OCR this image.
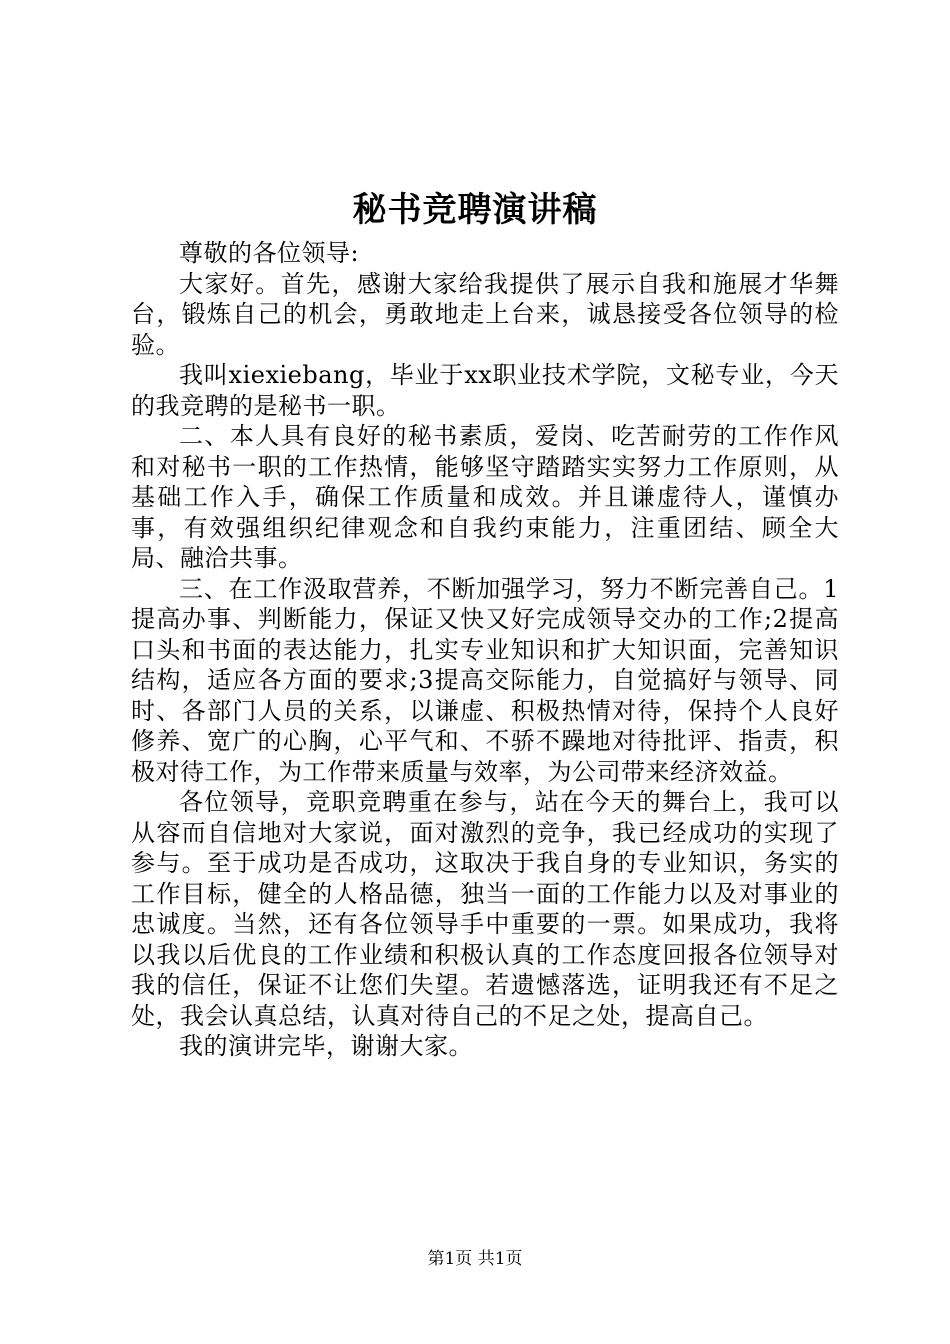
秘书竞聘演讲稿

尊敬的各位领导:

大家好。首先，感谢大家给我提供了展示自我和施展才华舞台，锻炼自己的机会，勇敢地走上台来，诚恳接受各位领导的检验。

我叫xiexiebang，毕业于xx职业技术学院，文秘专业，今天的我竞聘的是秘书一职。

二、本人具有良好的秘书素质，爱岗、吃苦耐劳的工作作风和对秘书一职的工作热情，能够坚守踏踏实实努力工作原则，从基础工作入手，确保工作质量和成效。并且谦虚待人，谨慎办事，有效强组织纪律观念和自我约束能力，注重团结、顾全大局、融洽共事。

三、在工作汲取营养，不断加强学习，努力不断完善自己。1提高办事、判断能力，保证又快又好完成领导交办的工作;2提高口头和书面的表达能力，扎实专业知识和扩大知识面，完善知识结构，适应各方面的要求;3提高交际能力，自觉搞好与领导、同时、各部门人员的关系，以谦虚、积极热情对待，保持个人良好修养、宽广的心胸，心平气和、不骄不躁地对待批评、指责，积极对待工作，为工作带来质量与效率，为公司带来经济效益。

各位领导，竞职竞聘重在参与，站在今天的舞台上，我可以从容而自信地对大家说，面对激烈的竞争，我已经成功的实现了参与。至于成功是否成功，这取决于我自身的专业知识，务实的工作目标，健全的人格品德，独当一面的工作能力以及对事业的忠诚度。当然，还有各位领导手中重要的一票。如果成功，我将以我以后优良的工作业绩和积极认真的工作态度回报各位领导对我的信任，保证不让您们失望。若遗憾落选，证明我还有不足之处，我会认真总结，认真对待自己的不足之处，提高自己。

我的演讲完毕，谢谢大家。

第1页 共1页
